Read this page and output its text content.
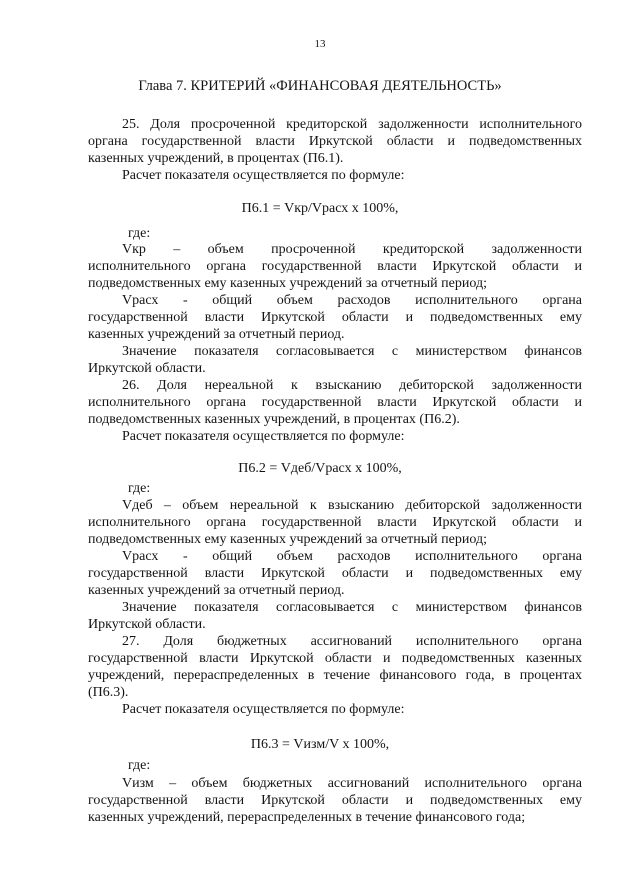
13
Глава 7. КРИТЕРИЙ «ФИНАНСОВАЯ ДЕЯТЕЛЬНОСТЬ»
25. Доля просроченной кредиторской задолженности исполнительного
органа государственной власти Иркутской области и подведомственных
казенных учреждений, в процентах (П6.1).
Расчет показателя осуществляется по формуле:
П6.1 = Vкр/Vрасх x 100%,
где:
Vкр – объем просроченной кредиторской задолженности
исполнительного органа государственной власти Иркутской области и
подведомственных ему казенных учреждений за отчетный период;
Vрасх - общий объем расходов исполнительного органа
государственной власти Иркутской области и подведомственных ему
казенных учреждений за отчетный период.
Значение показателя согласовывается с министерством финансов
Иркутской области.
26. Доля нереальной к взысканию дебиторской задолженности
исполнительного органа государственной власти Иркутской области и
подведомственных казенных учреждений, в процентах (П6.2).
Расчет показателя осуществляется по формуле:
П6.2 = Vдеб/Vрасх x 100%,
где:
Vдеб – объем нереальной к взысканию дебиторской задолженности
исполнительного органа государственной власти Иркутской области и
подведомственных ему казенных учреждений за отчетный период;
Vрасх - общий объем расходов исполнительного органа
государственной власти Иркутской области и подведомственных ему
казенных учреждений за отчетный период.
Значение показателя согласовывается с министерством финансов
Иркутской области.
27. Доля бюджетных ассигнований исполнительного органа
государственной власти Иркутской области и подведомственных казенных
учреждений, перераспределенных в течение финансового года, в процентах
(П6.3).
Расчет показателя осуществляется по формуле:
П6.3 = Vизм/V x 100%,
где:
Vизм – объем бюджетных ассигнований исполнительного органа
государственной власти Иркутской области и подведомственных ему
казенных учреждений, перераспределенных в течение финансового года;
